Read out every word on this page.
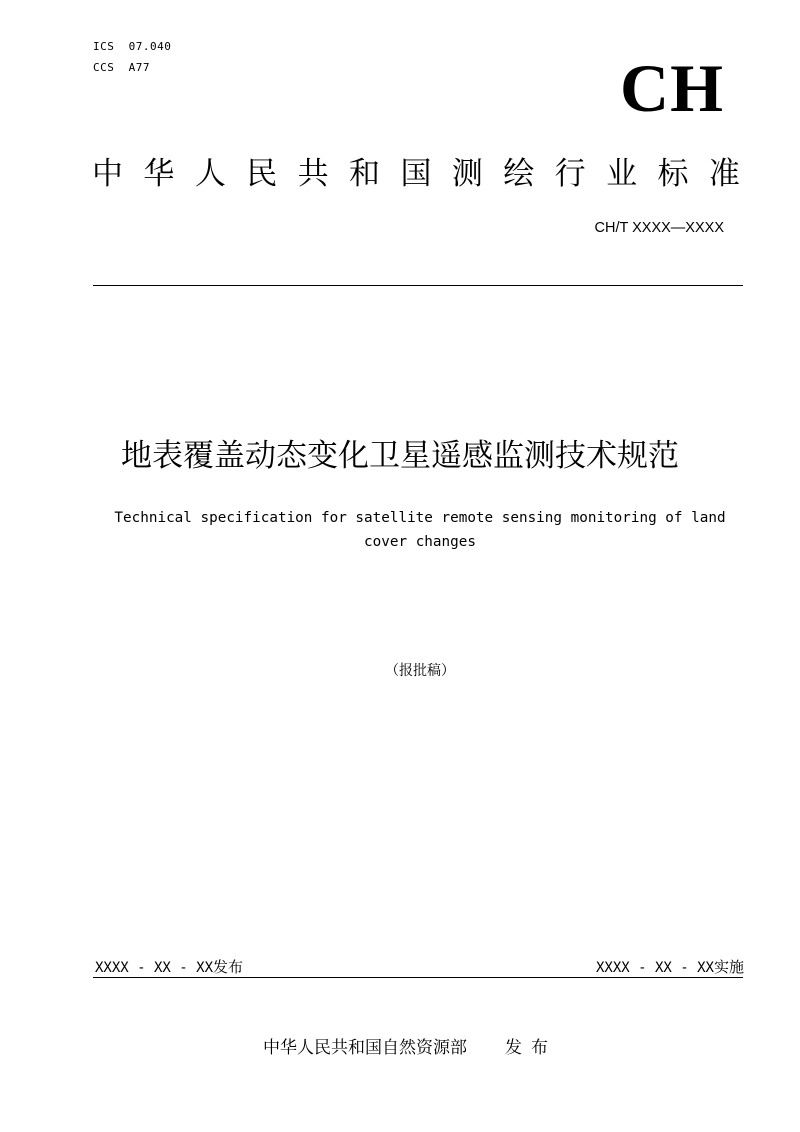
ICS  07.040
CCS  A77	CH
中 华 人 民 共 和 国 测 绘 行 业 标 准
CH/T XXXX—XXXX
地表覆盖动态变化卫星遥感监测技术规范
Technical specification for satellite remote sensing monitoring of land cover changes
（报批稿）
XXXX - XX - XX发布	XXXX - XX - XX实施
中华人民共和国自然资源部 发布
